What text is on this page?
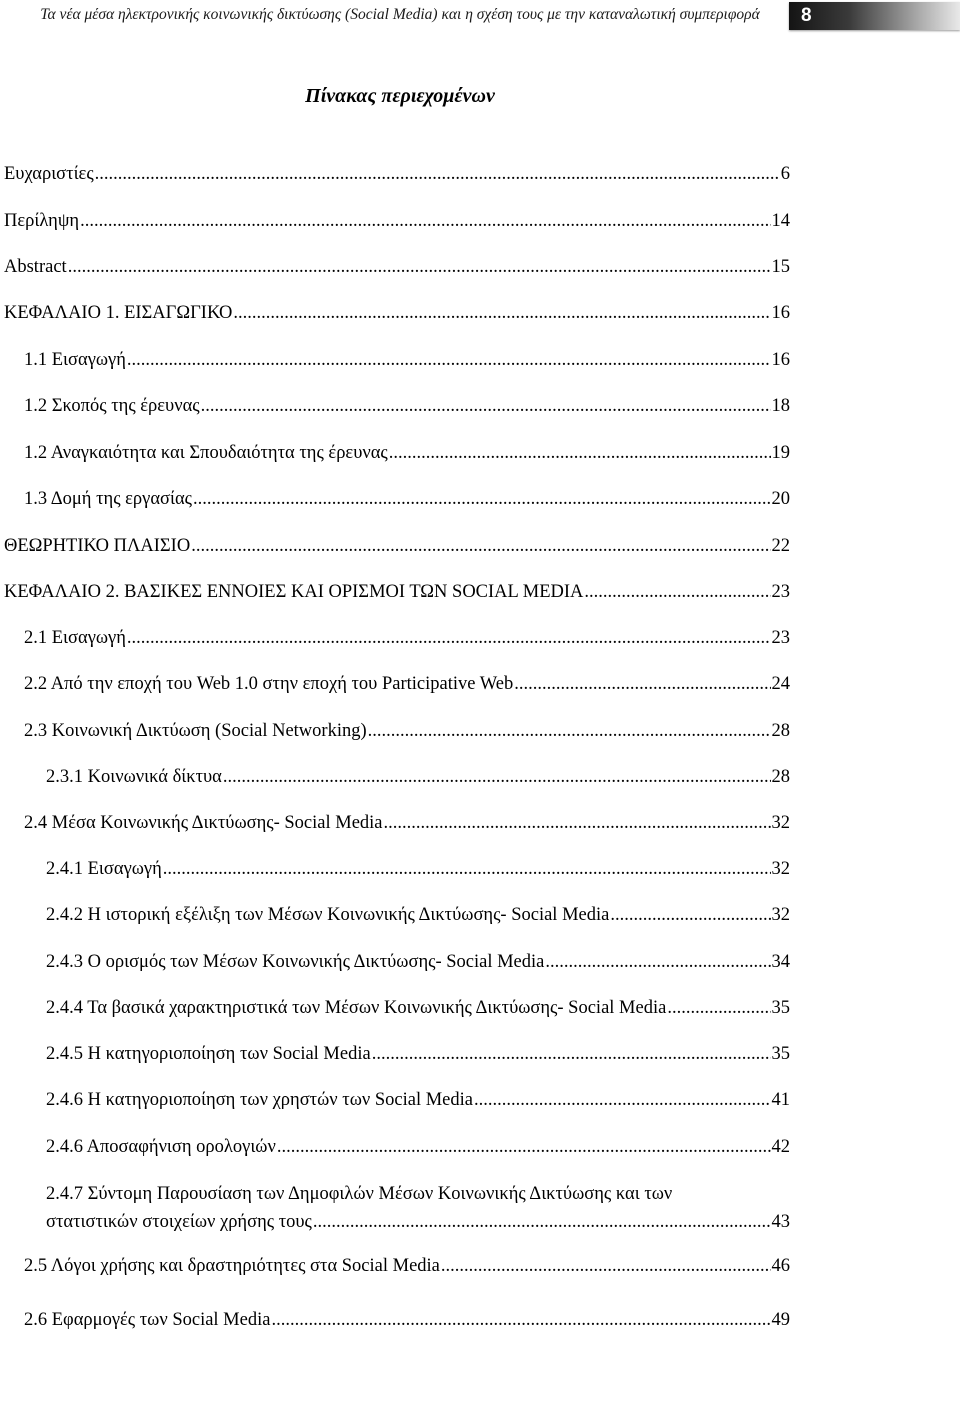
Τα νέα μέσα ηλεκτρονικής κοινωνικής δικτύωσης (Social Media) και η σχέση τους με την καταναλωτική συμπεριφορά	8
Πίνακας περιεχομένων
Ευχαριστίες .....	6
Περίληψη .....	14
Abstract .....	15
ΚΕΦΑΛΑΙΟ 1. ΕΙΣΑΓΩΓΙΚΟ .....	16
1.1 Εισαγωγή .....	16
1.2 Σκοπός της έρευνας .....	18
1.2 Αναγκαιότητα και Σπουδαιότητα της έρευνας .....	19
1.3 Δομή της εργασίας .....	20
ΘΕΩΡΗΤΙΚΟ ΠΛΑΙΣΙΟ .....	22
ΚΕΦΑΛΑΙΟ 2. ΒΑΣΙΚΕΣ ΕΝΝΟΙΕΣ ΚΑΙ ΟΡΙΣΜΟΙ ΤΩΝ SOCIAL MEDIA .....	23
2.1 Εισαγωγή .....	23
2.2 Από την εποχή του Web 1.0 στην εποχή του Participative Web .....	24
2.3 Κοινωνική Δικτύωση (Social Networking) .....	28
2.3.1 Κοινωνικά δίκτυα .....	28
2.4 Μέσα Κοινωνικής Δικτύωσης- Social Media .....	32
2.4.1 Εισαγωγή .....	32
2.4.2 Η ιστορική εξέλιξη των Μέσων Κοινωνικής Δικτύωσης- Social Media .....	32
2.4.3 Ο ορισμός των Μέσων Κοινωνικής Δικτύωσης- Social Media .....	34
2.4.4 Τα βασικά χαρακτηριστικά των Μέσων Κοινωνικής Δικτύωσης- Social Media .....	35
2.4.5 Η κατηγοριοποίηση των Social Media .....	35
2.4.6 Η κατηγοριοποίηση των χρηστών των Social Media .....	41
2.4.6 Αποσαφήνιση ορολογιών .....	42
2.4.7 Σύντομη Παρουσίαση των Δημοφιλών Μέσων Κοινωνικής Δικτύωσης και των
στατιστικών στοιχείων χρήσης τους .....	43
2.5 Λόγοι χρήσης και δραστηριότητες στα Social Media .....	46
2.6 Εφαρμογές των Social Media .....	49
